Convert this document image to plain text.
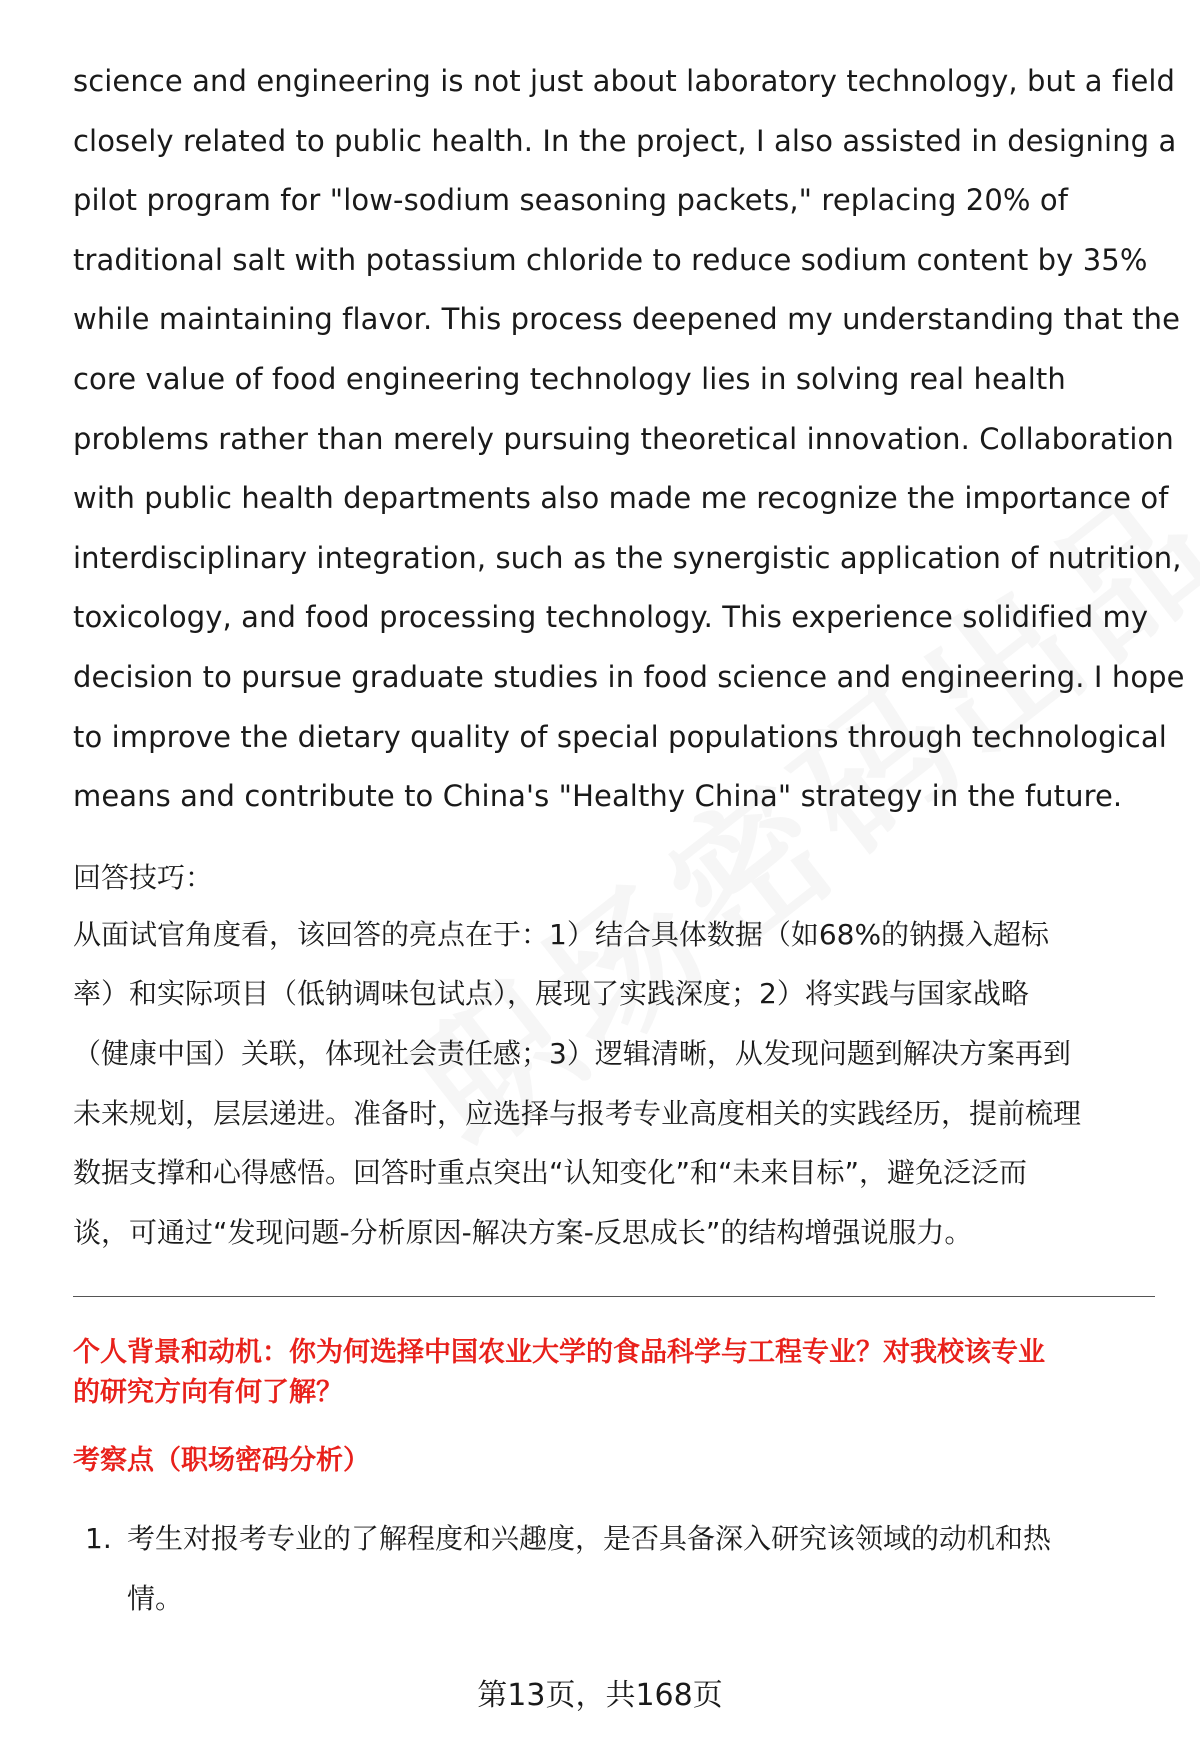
science and engineering is not just about laboratory technology, but a field
closely related to public health. In the project, I also assisted in designing a
pilot program for "low-sodium seasoning packets," replacing 20% of
traditional salt with potassium chloride to reduce sodium content by 35%
while maintaining flavor. This process deepened my understanding that the
core value of food engineering technology lies in solving real health
problems rather than merely pursuing theoretical innovation. Collaboration
with public health departments also made me recognize the importance of
interdisciplinary integration, such as the synergistic application of nutrition,
toxicology, and food processing technology. This experience solidified my
decision to pursue graduate studies in food science and engineering. I hope
to improve the dietary quality of special populations through technological
means and contribute to China's "Healthy China" strategy in the future.

回答技巧：

从面试官角度看，该回答的亮点在于：1）结合具体数据（如68%的钠摄入超标
率）和实际项目（低钠调味包试点），展现了实践深度；2）将实践与国家战略
（健康中国）关联，体现社会责任感；3）逻辑清晰，从发现问题到解决方案再到
未来规划，层层递进。准备时，应选择与报考专业高度相关的实践经历，提前梳理
数据支撑和心得感悟。回答时重点突出“认知变化”和“未来目标”，避免泛泛而
谈，可通过“发现问题-分析原因-解决方案-反思成长”的结构增强说服力。

个人背景和动机：你为何选择中国农业大学的食品科学与工程专业？对我校该专业
的研究方向有何了解？

考察点（职场密码分析）

1. 考生对报考专业的了解程度和兴趣度，是否具备深入研究该领域的动机和热
情。
第13页，共168页
